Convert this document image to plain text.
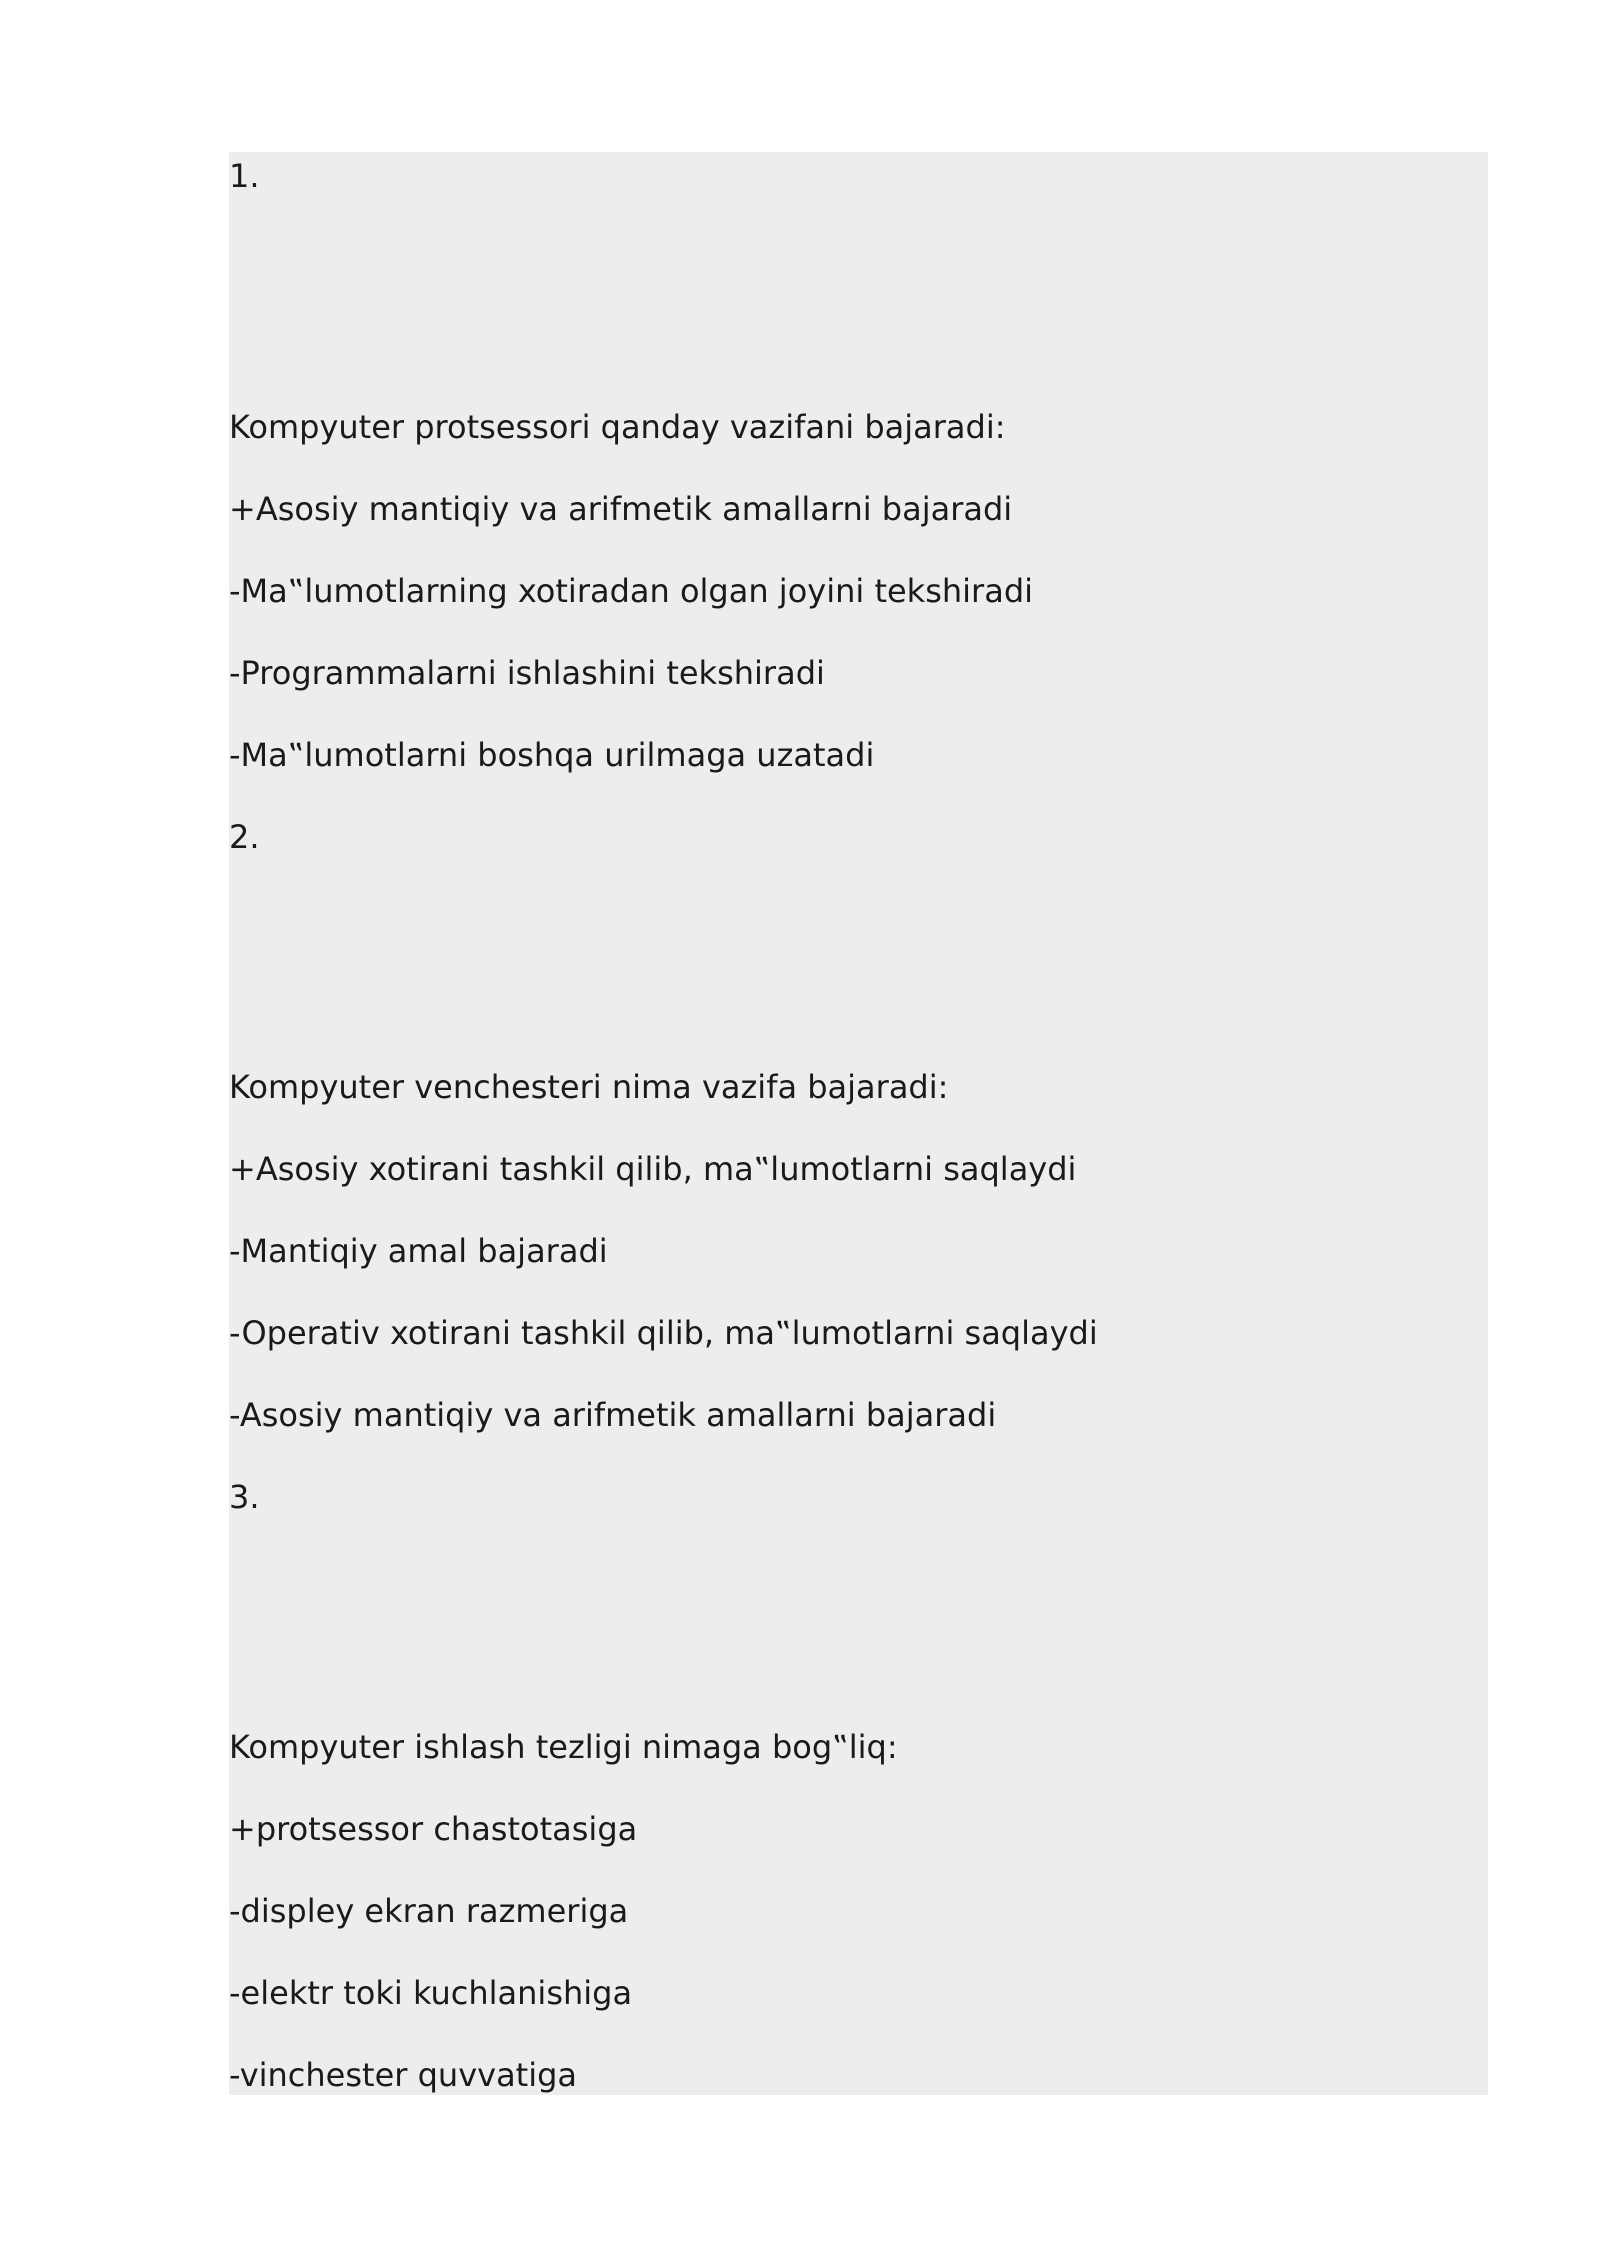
1.
Kompyuter protsessori qanday vazifani bajaradi:
+Asosiy mantiqiy va arifmetik amallarni bajaradi
-Ma‟lumotlarning xotiradan olgan joyini tekshiradi
-Programmalarni ishlashini tekshiradi
-Ma‟lumotlarni boshqa urilmaga uzatadi
2.
Kompyuter venchesteri nima vazifa bajaradi:
+Asosiy xotirani tashkil qilib, ma‟lumotlarni saqlaydi
-Mantiqiy amal bajaradi
-Operativ xotirani tashkil qilib, ma‟lumotlarni saqlaydi
-Asosiy mantiqiy va arifmetik amallarni bajaradi
3.
Kompyuter ishlash tezligi nimaga bog‟liq:
+protsessor chastotasiga
-displey ekran razmeriga
-elektr toki kuchlanishiga
-vinchester quvvatiga
